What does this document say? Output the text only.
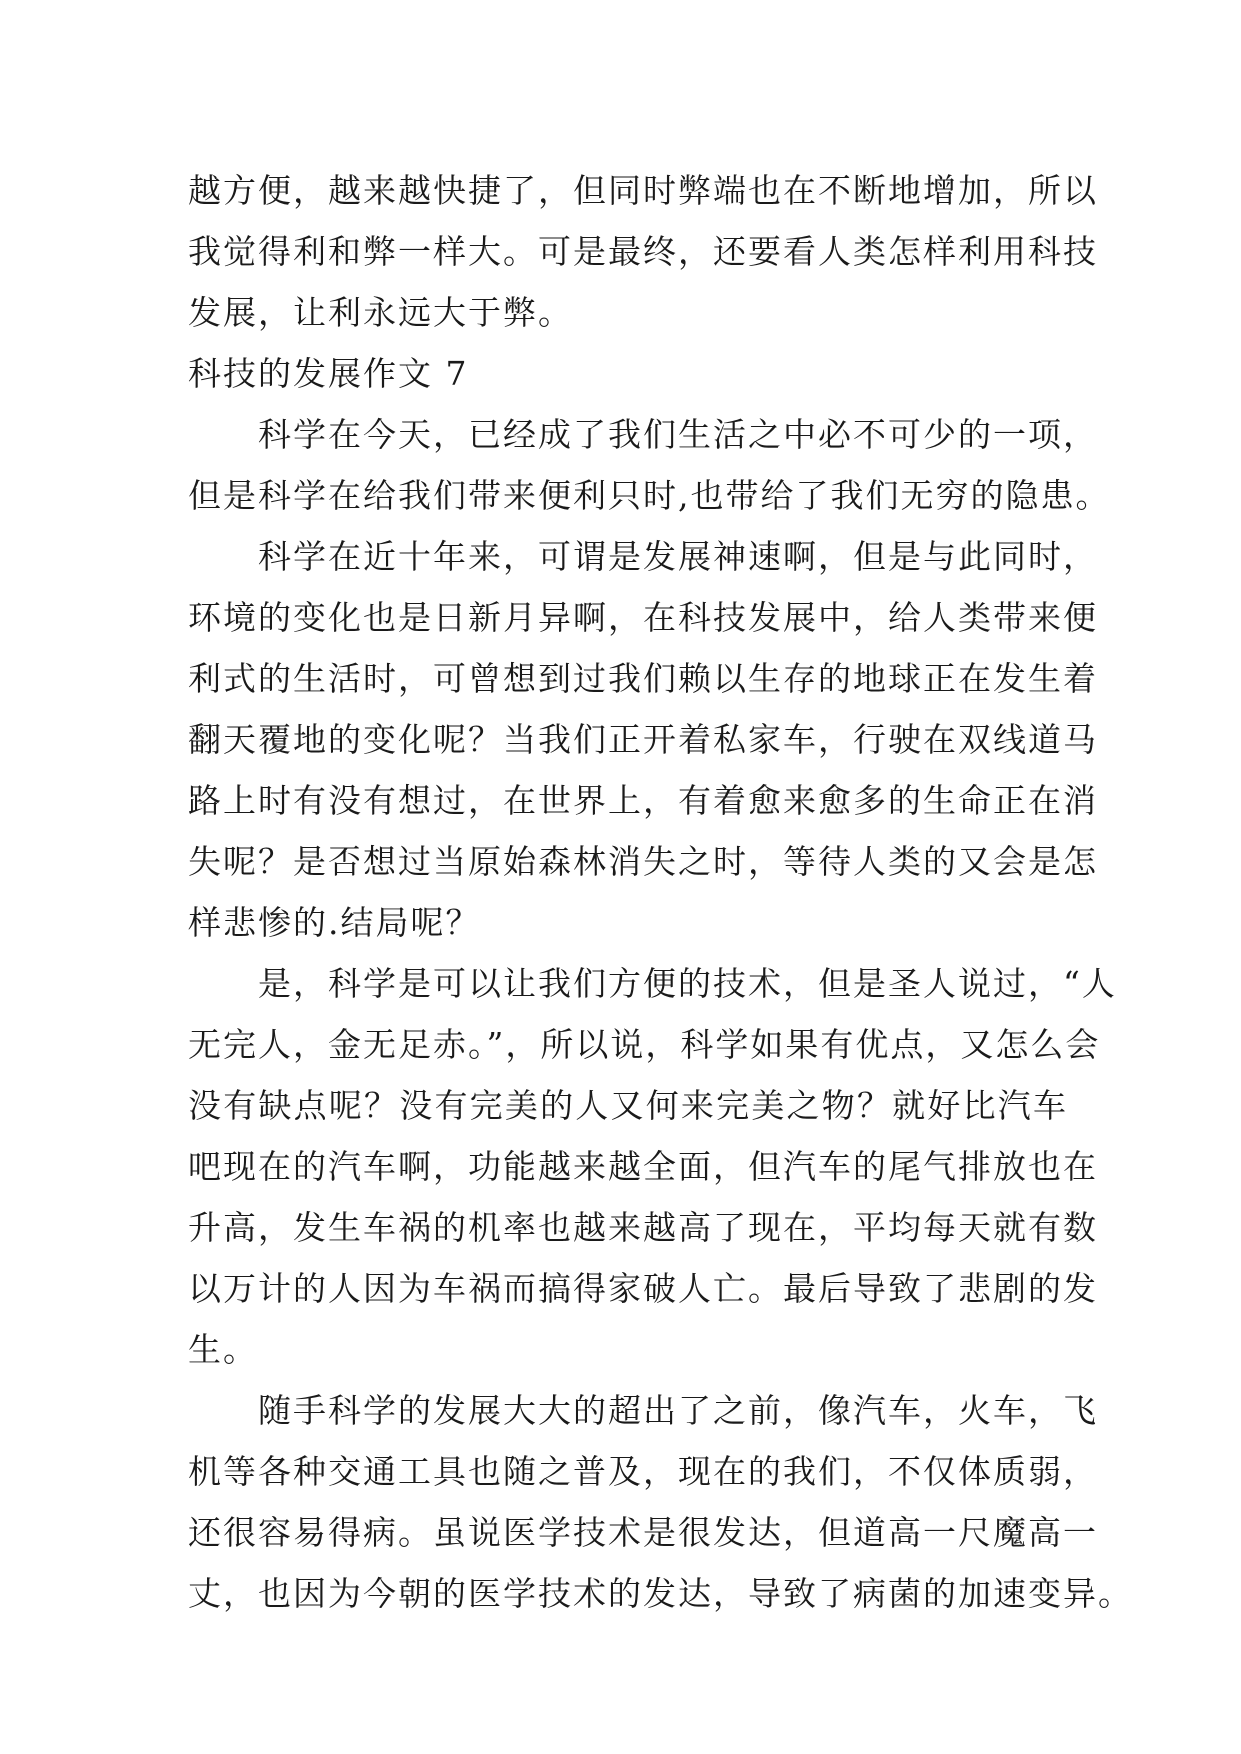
越方便，越来越快捷了，但同时弊端也在不断地增加，所以
我觉得利和弊一样大。可是最终，还要看人类怎样利用科技
发展，让利永远大于弊。
科技的发展作文 7
科学在今天，已经成了我们生活之中必不可少的一项，
但是科学在给我们带来便利只时,也带给了我们无穷的隐患。
科学在近十年来，可谓是发展神速啊，但是与此同时，
环境的变化也是日新月异啊，在科技发展中，给人类带来便
利式的生活时，可曾想到过我们赖以生存的地球正在发生着
翻天覆地的变化呢？当我们正开着私家车，行驶在双线道马
路上时有没有想过，在世界上，有着愈来愈多的生命正在消
失呢？是否想过当原始森林消失之时，等待人类的又会是怎
样悲惨的.结局呢？
是，科学是可以让我们方便的技术，但是圣人说过，“人
无完人，金无足赤。”，所以说，科学如果有优点，又怎么会
没有缺点呢？没有完美的人又何来完美之物？就好比汽车
吧现在的汽车啊，功能越来越全面，但汽车的尾气排放也在
升高，发生车祸的机率也越来越高了现在，平均每天就有数
以万计的人因为车祸而搞得家破人亡。最后导致了悲剧的发
生。
随手科学的发展大大的超出了之前，像汽车，火车，飞
机等各种交通工具也随之普及，现在的我们，不仅体质弱，
还很容易得病。虽说医学技术是很发达，但道高一尺魔高一
丈，也因为今朝的医学技术的发达，导致了病菌的加速变异。
